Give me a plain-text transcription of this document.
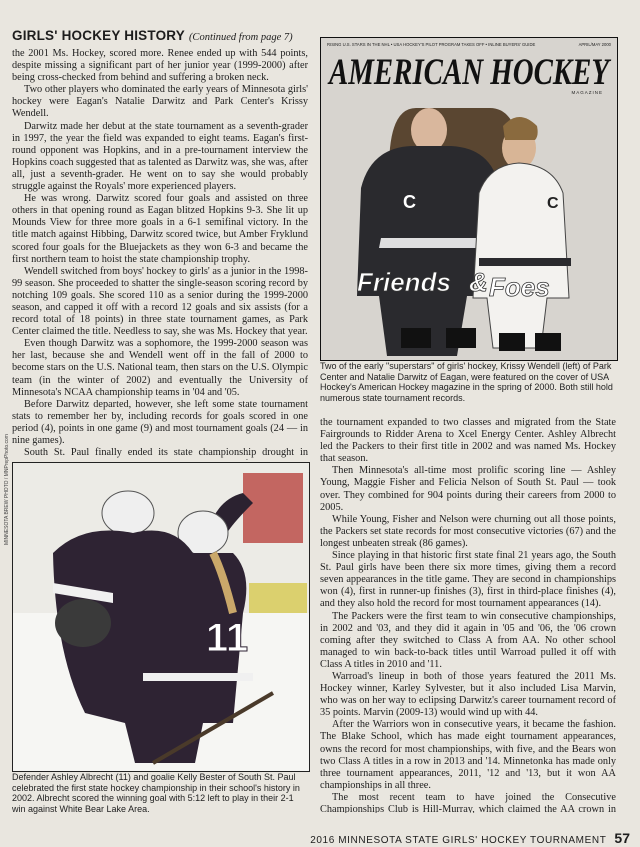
GIRLS' HOCKEY HISTORY (Continued from page 7)

the 2001 Ms. Hockey, scored more. Renee ended up with 544 points, despite missing a significant part of her junior year (1999-2000) after being cross-checked from behind and suffering a broken neck.

Two other players who dominated the early years of Minnesota girls' hockey were Eagan's Natalie Darwitz and Park Center's Krissy Wendell.

Darwitz made her debut at the state tournament as a seventh-grader in 1997, the year the field was expanded to eight teams. Eagan's first-round opponent was Hopkins, and in a pre-tournament interview the Hopkins coach suggested that as talented as Darwitz was, she was, after all, just a seventh-grader. He went on to say she would probably struggle against the Royals' more experienced players.

He was wrong. Darwitz scored four goals and assisted on three others in that opening round as Eagan blitzed Hopkins 9-3. She lit up Mounds View for three more goals in a 6-1 semifinal victory. In the title match against Hibbing, Darwitz scored twice, but Amber Fryklund scored four goals for the Bluejackets as they won 6-3 and became the first northern team to hoist the state championship trophy.

Wendell switched from boys' hockey to girls' as a junior in the 1998-99 season. She proceeded to shatter the single-season scoring record by notching 109 goals. She scored 110 as a senior during the 1999-2000 season, and capped it off with a record 12 goals and six assists (for a record total of 18 points) in three state tournament games, as Park Center claimed the title. Needless to say, she was Ms. Hockey that year.

Even though Darwitz was a sophomore, the 1999-2000 season was her last, because she and Wendell went off in the fall of 2000 to become stars on the U.S. National team, then stars on the U.S. Olympic team (in the winter of 2002) and eventually the University of Minnesota's NCAA championship teams in '04 and '05.

Before Darwitz departed, however, she left some state tournament stats to remember her by, including records for goals scored in one period (4), points in one game (9) and most tournament goals (24 — in nine games).

South St. Paul finally ended its state championship drought in

RISING U.S. STARS IN THE NHL • USA HOCKEY'S PILOT PROGRAM TAKES OFF • INLINE BUYERS' GUIDE	APRIL/MAY 2000
AMERICAN HOCKEY
MAGAZINE
C	C
Friends & Foes
Two of the early "superstars" of girls' hockey, Krissy Wendell (left) of Park Center and Natalie Darwitz of Eagan, were featured on the cover of USA Hockey's American Hockey magazine in the spring of 2000. Both still hold numerous state tournament records.

the tournament expanded to two classes and migrated from the State Fairgrounds to Ridder Arena to Xcel Energy Center. Ashley Albrecht led the Packers to their first title in 2002 and was named Ms. Hockey that season.

Then Minnesota's all-time most prolific scoring line — Ashley Young, Maggie Fisher and Felicia Nelson of South St. Paul — took over. They combined for 904 points during their careers from 2000 to 2005.

While Young, Fisher and Nelson were churning out all those points, the Packers set state records for most consecutive victories (67) and the longest unbeaten streak (86 games).

Since playing in that historic first state final 21 years ago, the South St. Paul girls have been there six more times, giving them a record seven appearances in the title game. They are second in championships won (4), first in runner-up finishes (3), first in third-place finishes (4), and they also hold the record for most tournament appearances (14).

The Packers were the first team to win consecutive championships, in 2002 and '03, and they did it again in '05 and '06, the '06 crown coming after they switched to Class A from AA. No other school managed to win back-to-back titles until Warroad pulled it off with Class A titles in 2010 and '11.

Warroad's lineup in both of those years featured the 2011 Ms. Hockey winner, Karley Sylvester, but it also included Lisa Marvin, who was on her way to eclipsing Darwitz's career tournament record of 35 points. Marvin (2009-13) would wind up with 44.

After the Warriors won in consecutive years, it became the fashion. The Blake School, which has made eight tournament appearances, owns the record for most championships, with five, and the Bears won two Class A titles in a row in 2013 and '14. Minnetonka has made only three tournament appearances, 2011, '12 and '13, but it won AA championships in all three.

The most recent team to have joined the Consecutive Championships Club is Hill-Murray, which claimed the AA crown in

11
MINNESOTA BREW PHOTO / MNPrepPhoto.com
Defender Ashley Albrecht (11) and goalie Kelly Bester of South St. Paul celebrated the first state hockey championship in their school's history in 2002. Albrecht scored the winning goal with 5:12 left to play in their 2-1 win against White Bear Lake Area.
2016 MINNESOTA STATE GIRLS' HOCKEY TOURNAMENT 57
